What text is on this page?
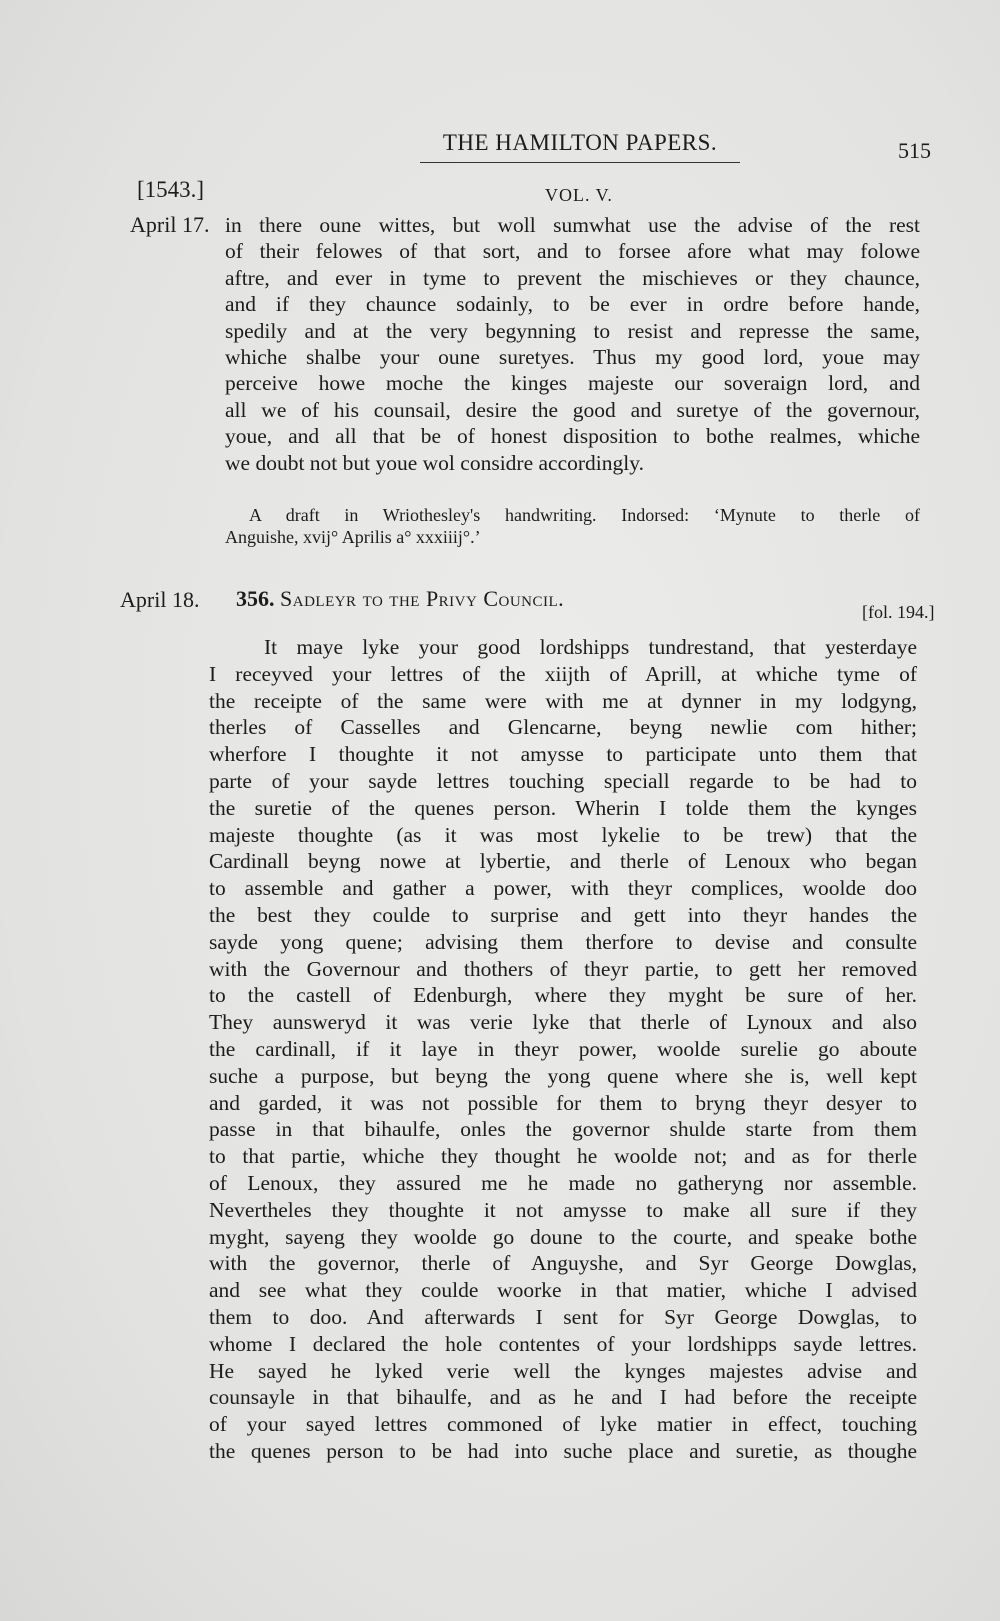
THE HAMILTON PAPERS.	515
[1543.]	VOL. V.
April 17. in there oune wittes, but woll sumwhat use the advise of the rest
of their felowes of that sort, and to forsee afore what may folowe
aftre, and ever in tyme to prevent the mischieves or they chaunce,
and if they chaunce sodainly, to be ever in ordre before hande,
spedily and at the very begynning to resist and represse the same,
whiche shalbe your oune suretyes. Thus my good lord, youe may
perceive howe moche the kinges majeste our soveraign lord, and
all we of his counsail, desire the good and suretye of the governour,
youe, and all that be of honest disposition to bothe realmes, whiche
we doubt not but youe wol considre accordingly.
A draft in Wriothesley's handwriting. Indorsed: ‘Mynute to therle of
Anguishe, xvij° Aprilis a° xxxiiij°.’
April 18. 356. Sadleyr to the Privy Council.
[fol. 194.]
It maye lyke your good lordshipps tundrestand, that yesterdaye
I receyved your lettres of the xiijth of Aprill, at whiche tyme of
the receipte of the same were with me at dynner in my lodgyng,
therles of Casselles and Glencarne, beyng newlie com hither;
wherfore I thoughte it not amysse to participate unto them that
parte of your sayde lettres touching speciall regarde to be had to
the suretie of the quenes person. Wherin I tolde them the kynges
majeste thoughte (as it was most lykelie to be trew) that the
Cardinall beyng nowe at lybertie, and therle of Lenoux who began
to assemble and gather a power, with theyr complices, woolde doo
the best they coulde to surprise and gett into theyr handes the
sayde yong quene; advising them therfore to devise and consulte
with the Governour and thothers of theyr partie, to gett her removed
to the castell of Edenburgh, where they myght be sure of her.
They aunsweryd it was verie lyke that therle of Lynoux and also
the cardinall, if it laye in theyr power, woolde surelie go aboute
suche a purpose, but beyng the yong quene where she is, well kept
and garded, it was not possible for them to bryng theyr desyer to
passe in that bihaulfe, onles the governor shulde starte from them
to that partie, whiche they thought he woolde not; and as for therle
of Lenoux, they assured me he made no gatheryng nor assemble.
Nevertheles they thoughte it not amysse to make all sure if they
myght, sayeng they woolde go doune to the courte, and speake bothe
with the governor, therle of Anguyshe, and Syr George Dowglas,
and see what they coulde woorke in that matier, whiche I advised
them to doo. And afterwards I sent for Syr George Dowglas, to
whome I declared the hole contentes of your lordshipps sayde lettres.
He sayed he lyked verie well the kynges majestes advise and
counsayle in that bihaulfe, and as he and I had before the receipte
of your sayed lettres commoned of lyke matier in effect, touching
the quenes person to be had into suche place and suretie, as thoughe
